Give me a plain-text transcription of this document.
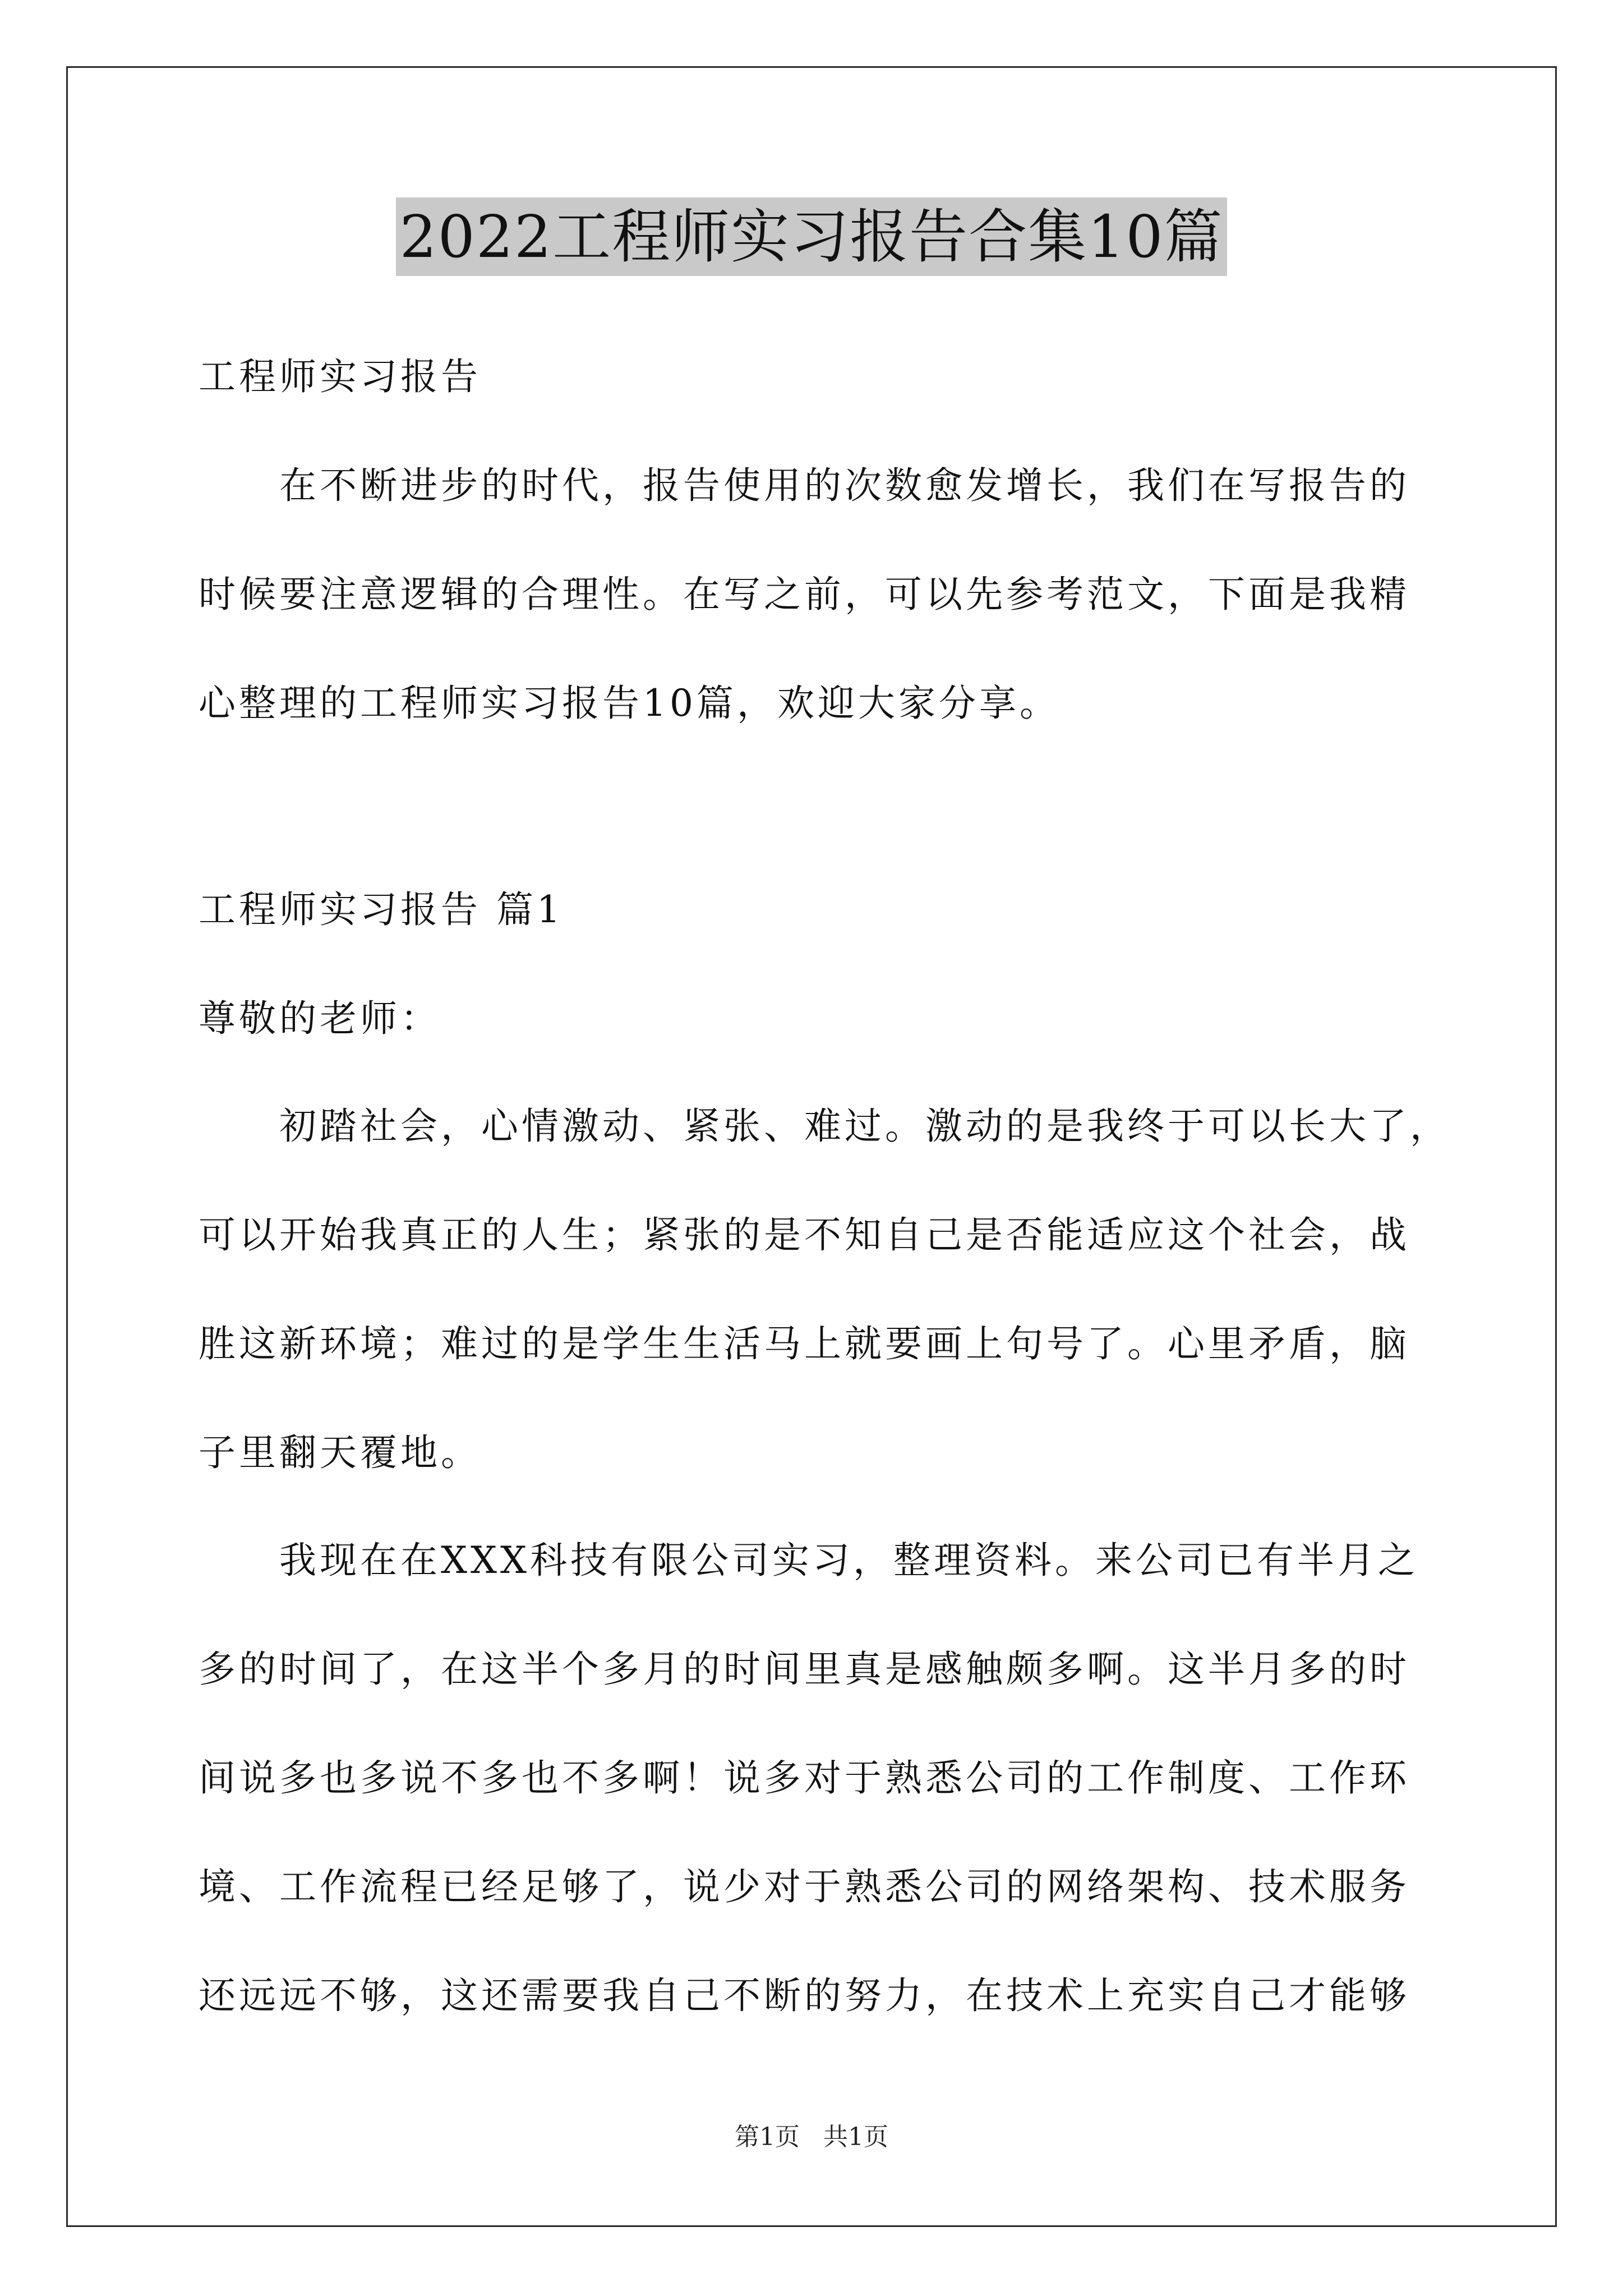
2022工程师实习报告合集10篇
工程师实习报告
　　在不断进步的时代，报告使用的次数愈发增长，我们在写报告的
时候要注意逻辑的合理性。在写之前，可以先参考范文，下面是我精
心整理的工程师实习报告10篇，欢迎大家分享。
工程师实习报告 篇1
尊敬的老师：
　　初踏社会，心情激动、紧张、难过。激动的是我终于可以长大了，
可以开始我真正的人生；紧张的是不知自己是否能适应这个社会，战
胜这新环境；难过的是学生生活马上就要画上句号了。心里矛盾，脑
子里翻天覆地。
　　我现在在XXX科技有限公司实习，整理资料。来公司已有半月之
多的时间了，在这半个多月的时间里真是感触颇多啊。这半月多的时
间说多也多说不多也不多啊！说多对于熟悉公司的工作制度、工作环
境、工作流程已经足够了，说少对于熟悉公司的网络架构、技术服务
还远远不够，这还需要我自己不断的努力，在技术上充实自己才能够
第1页 共1页
